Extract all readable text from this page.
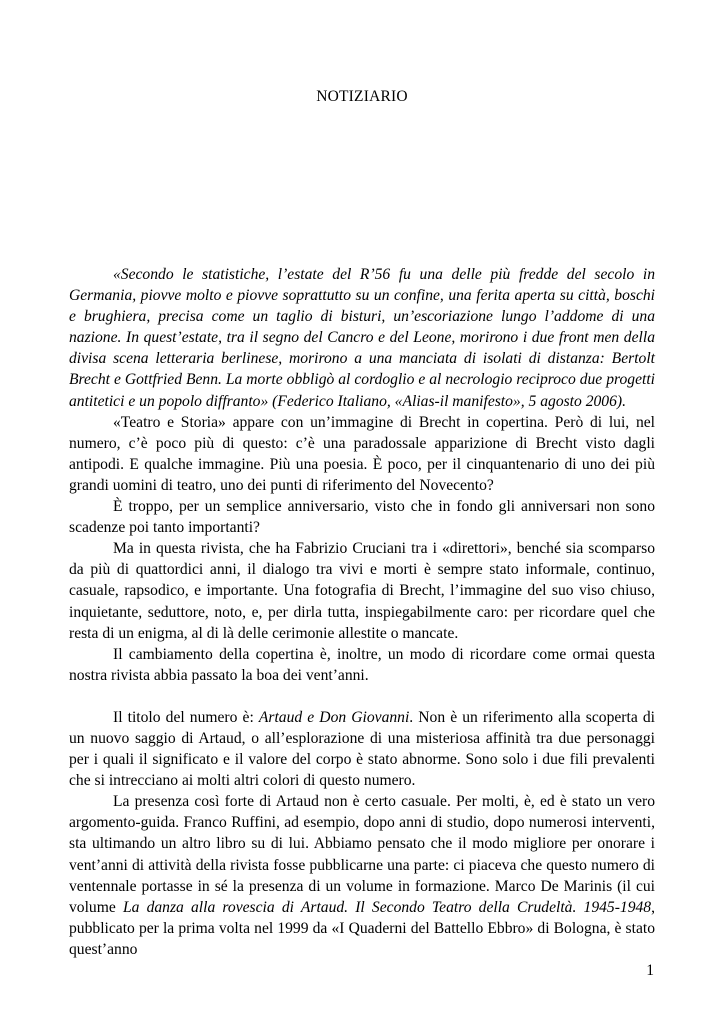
NOTIZIARIO

«Secondo le statistiche, l’estate del R’56 fu una delle più fredde del secolo in Germania, piovve molto e piovve soprattutto su un confine, una ferita aperta su città, boschi e brughiera, precisa come un taglio di bisturi, un’escoriazione lungo l’addome di una nazione. In quest’estate, tra il segno del Cancro e del Leone, morirono i due front men della divisa scena letteraria berlinese, morirono a una manciata di isolati di distanza: Bertolt Brecht e Gottfried Benn. La morte obbligò al cordoglio e al necrologio reciproco due progetti antitetici e un popolo diffranto» (Federico Italiano, «Alias-il manifesto», 5 agosto 2006).

«Teatro e Storia» appare con un’immagine di Brecht in copertina. Però di lui, nel numero, c’è poco più di questo: c’è una paradossale apparizione di Brecht visto dagli antipodi. E qualche immagine. Più una poesia. È poco, per il cinquantenario di uno dei più grandi uomini di teatro, uno dei punti di riferimento del Novecento?

È troppo, per un semplice anniversario, visto che in fondo gli anniversari non sono scadenze poi tanto importanti?

Ma in questa rivista, che ha Fabrizio Cruciani tra i «direttori», benché sia scomparso da più di quattordici anni, il dialogo tra vivi e morti è sempre stato informale, continuo, casuale, rapsodico, e importante. Una fotografia di Brecht, l’immagine del suo viso chiuso, inquietante, seduttore, noto, e, per dirla tutta, inspiegabilmente caro: per ricordare quel che resta di un enigma, al di là delle cerimonie allestite o mancate.

Il cambiamento della copertina è, inoltre, un modo di ricordare come ormai questa nostra rivista abbia passato la boa dei vent’anni.

Il titolo del numero è: Artaud e Don Giovanni. Non è un riferimento alla scoperta di un nuovo saggio di Artaud, o all’esplorazione di una misteriosa affinità tra due personaggi per i quali il significato e il valore del corpo è stato abnorme. Sono solo i due fili prevalenti che si intrecciano ai molti altri colori di questo numero.

La presenza così forte di Artaud non è certo casuale. Per molti, è, ed è stato un vero argomento-guida. Franco Ruffini, ad esempio, dopo anni di studio, dopo numerosi interventi, sta ultimando un altro libro su di lui. Abbiamo pensato che il modo migliore per onorare i vent’anni di attività della rivista fosse pubblicarne una parte: ci piaceva che questo numero di ventennale portasse in sé la presenza di un volume in formazione. Marco De Marinis (il cui volume La danza alla rovescia di Artaud. Il Secondo Teatro della Crudeltà. 1945-1948, pubblicato per la prima volta nel 1999 da «I Quaderni del Battello Ebbro» di Bologna, è stato quest’anno

1
